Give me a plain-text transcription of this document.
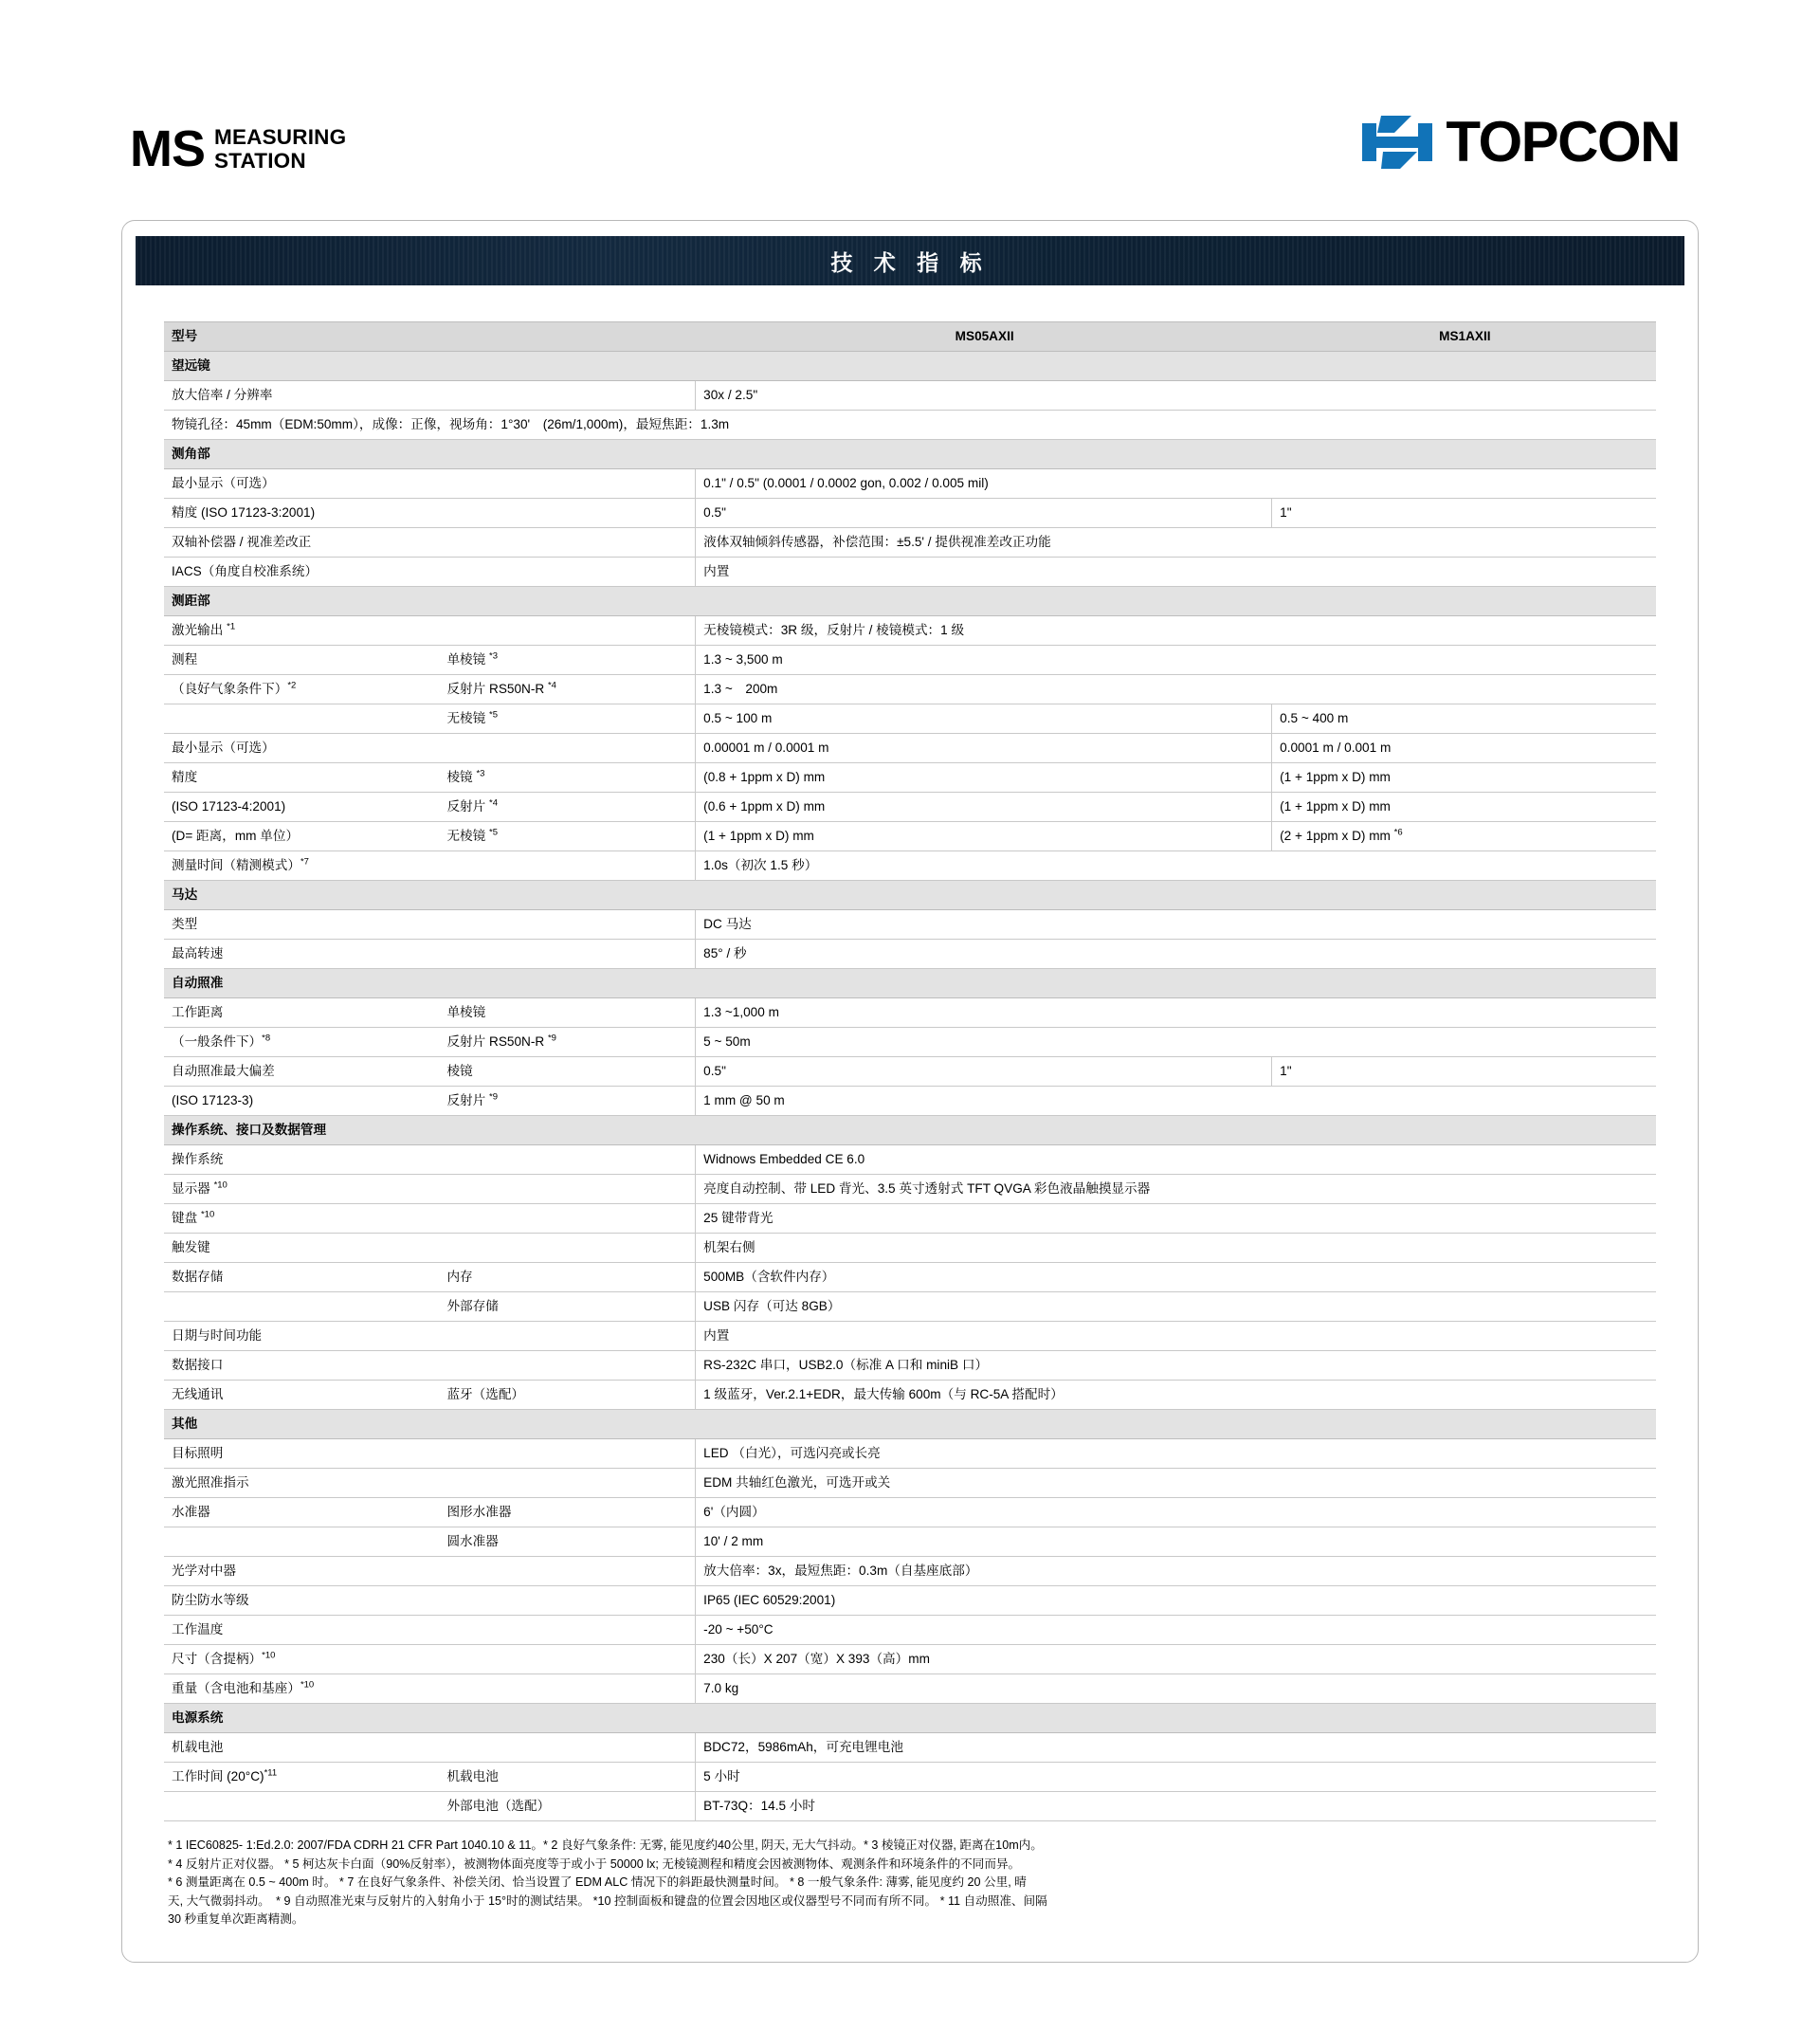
MS MEASURING
STATION	TOPCON
技 术 指 标
型号		MS05AXII	MS1AXII
望远镜			
放大倍率 / 分辨率		30x / 2.5"	
物镜孔径：45mm（EDM:50mm），成像：正像，视场角：1°30'　(26m/1,000m)，最短焦距：1.3m			
测角部			
最小显示（可选）		0.1" / 0.5" (0.0001 / 0.0002 gon, 0.002 / 0.005 mil)	
精度 (ISO 17123-3:2001)		0.5"	1"
双轴补偿器 / 视准差改正		液体双轴倾斜传感器，补偿范围：±5.5' / 提供视准差改正功能	
IACS（角度自校准系统）		内置	
测距部			
激光输出 $^{*1}$		无棱镜模式：3R 级，反射片 / 棱镜模式：1 级	
测程	单棱镜 $^{*3}$	1.3 ~ 3,500 m	
（良好气象条件下）$^{*2}$	反射片 RS50N-R $^{*4}$	1.3 ~　200m	
	无棱镜 $^{*5}$	0.5 ~ 100 m	0.5 ~ 400 m
最小显示（可选）		0.00001 m / 0.0001 m	0.0001 m / 0.001 m
精度	棱镜 $^{*3}$	(0.8 + 1ppm x D) mm	(1 + 1ppm x D) mm
(ISO 17123-4:2001)	反射片 $^{*4}$	(0.6 + 1ppm x D) mm	(1 + 1ppm x D) mm
(D= 距离，mm 单位）	无棱镜 $^{*5}$	(1 + 1ppm x D) mm	(2 + 1ppm x D) mm $^{*6}$
测量时间（精测模式）$^{*7}$		1.0s（初次 1.5 秒）	
马达			
类型		DC 马达	
最高转速		85° / 秒	
自动照准			
工作距离	单棱镜	1.3 ~1,000 m	
（一般条件下）$^{*8}$	反射片 RS50N-R $^{*9}$	5 ~ 50m	
自动照准最大偏差	棱镜	0.5"	1"
(ISO 17123-3)	反射片 $^{*9}$	1 mm @ 50 m	
操作系统、接口及数据管理			
操作系统		Widnows Embedded CE 6.0	
显示器 $^{*10}$		亮度自动控制、带 LED 背光、3.5 英寸透射式 TFT QVGA 彩色液晶触摸显示器	
键盘 $^{*10}$		25 键带背光	
触发键		机架右侧	
数据存储	内存	500MB（含软件内存）	
	外部存储	USB 闪存（可达 8GB）	
日期与时间功能		内置	
数据接口		RS-232C 串口，USB2.0（标准 A 口和 miniB 口）	
无线通讯	蓝牙（选配）	1 级蓝牙，Ver.2.1+EDR，最大传输 600m（与 RC-5A 搭配时）	
其他			
目标照明		LED （白光），可选闪亮或长亮	
激光照准指示		EDM 共轴红色激光，可选开或关	
水准器	图形水准器	6'（内圆）	
	圆水准器	10' / 2 mm	
光学对中器		放大倍率：3x，最短焦距：0.3m（自基座底部）	
防尘防水等级		IP65 (IEC 60529:2001)	
工作温度		-20 ~ +50°C	
尺寸（含提柄）$^{*10}$		230（长）X 207（宽）X 393（高）mm	
重量（含电池和基座）$^{*10}$		7.0 kg	
电源系统			
机载电池		BDC72，5986mAh，可充电锂电池	
工作时间 $(20^\circ C)^{*11}$	机载电池	5 小时	
	外部电池（选配）	BT-73Q：14.5 小时	

* 1 IEC60825- 1:Ed.2.0: 2007/FDA CDRH 21 CFR Part 1040.10 & 11。* 2 良好气象条件: 无雾, 能见度约40公里, 阴天, 无大气抖动。* 3 棱镜正对仪器, 距离在10m内。

* 4 反射片正对仪器。 * 5 柯达灰卡白面（90%反射率），被测物体面亮度等于或小于 50000 lx; 无棱镜测程和精度会因被测物体、观测条件和环境条件的不同而异。

* 6 测量距离在 0.5 ~ 400m 时。 * 7 在良好气象条件、补偿关闭、恰当设置了 EDM ALC 情况下的斜距最快测量时间。 * 8 一般气象条件: 薄雾, 能见度约 20 公里, 晴

天, 大气微弱抖动。　* 9 自动照准光束与反射片的入射角小于 15°时的测试结果。 *10 控制面板和键盘的位置会因地区或仪器型号不同而有所不同。 * 11 自动照准、间隔

30 秒重复单次距离精测。
